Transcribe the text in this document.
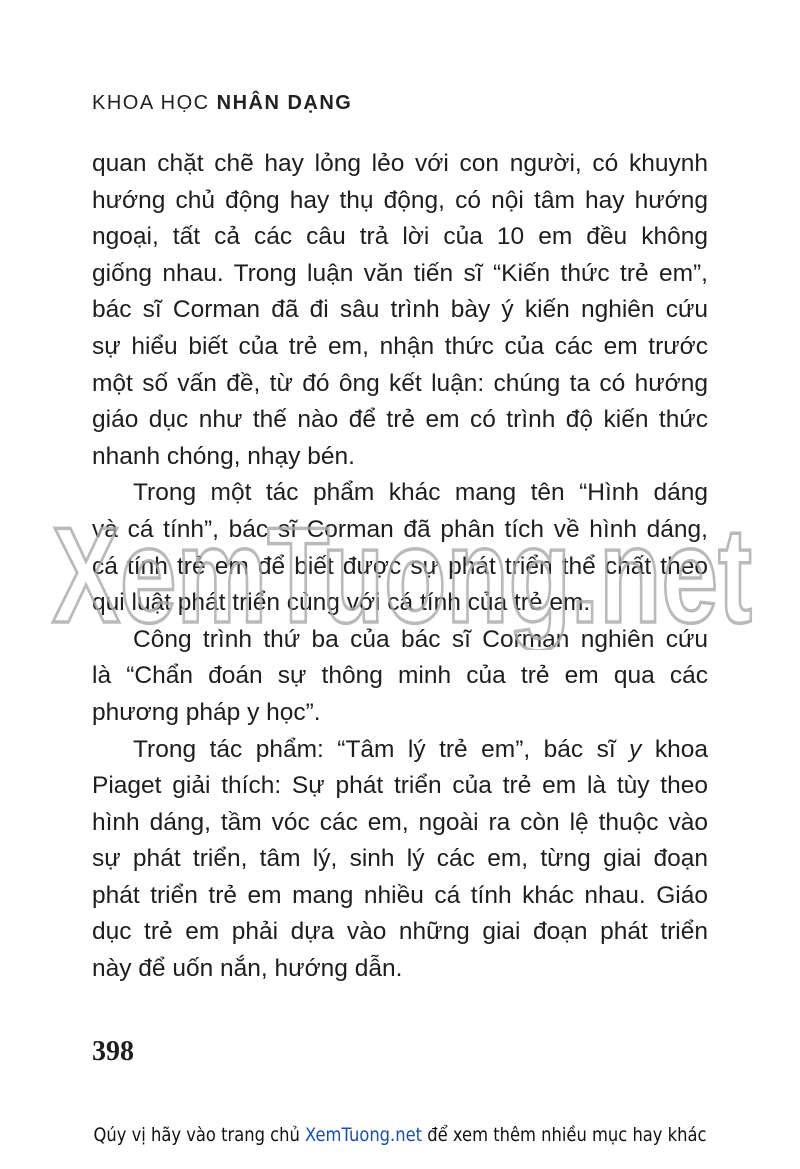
KHOA HỌC NHÂN DẠNG
quan chặt chẽ hay lỏng lẻo với con người, có khuynh
hướng chủ động hay thụ động, có nội tâm hay hướng
ngoại, tất cả các câu trả lời của 10 em đều không
giống nhau. Trong luận văn tiến sĩ “Kiến thức trẻ em”,
bác sĩ Corman đã đi sâu trình bày ý kiến nghiên cứu
sự hiểu biết của trẻ em, nhận thức của các em trước
một số vấn đề, từ đó ông kết luận: chúng ta có hướng
giáo dục như thế nào để trẻ em có trình độ kiến thức
nhanh chóng, nhạy bén.
Trong một tác phẩm khác mang tên “Hình dáng
và cá tính”, bác sĩ Corman đã phân tích về hình dáng,
cá tính trẻ em để biết được sự phát triển thể chất theo
qui luật phát triển cùng với cá tính của trẻ em.
Công trình thứ ba của bác sĩ Corman nghiên cứu
là “Chẩn đoán sự thông minh của trẻ em qua các
phương pháp y học”.
Trong tác phẩm: “Tâm lý trẻ em”, bác sĩ y khoa
Piaget giải thích: Sự phát triển của trẻ em là tùy theo
hình dáng, tầm vóc các em, ngoài ra còn lệ thuộc vào
sự phát triển, tâm lý, sinh lý các em, từng giai đoạn
phát triển trẻ em mang nhiều cá tính khác nhau. Giáo
dục trẻ em phải dựa vào những giai đoạn phát triển
này để uốn nắn, hướng dẫn.
XemTuong.net
398
Qúy vị hãy vào trang chủ XemTuong.net để xem thêm nhiều mục hay khác
